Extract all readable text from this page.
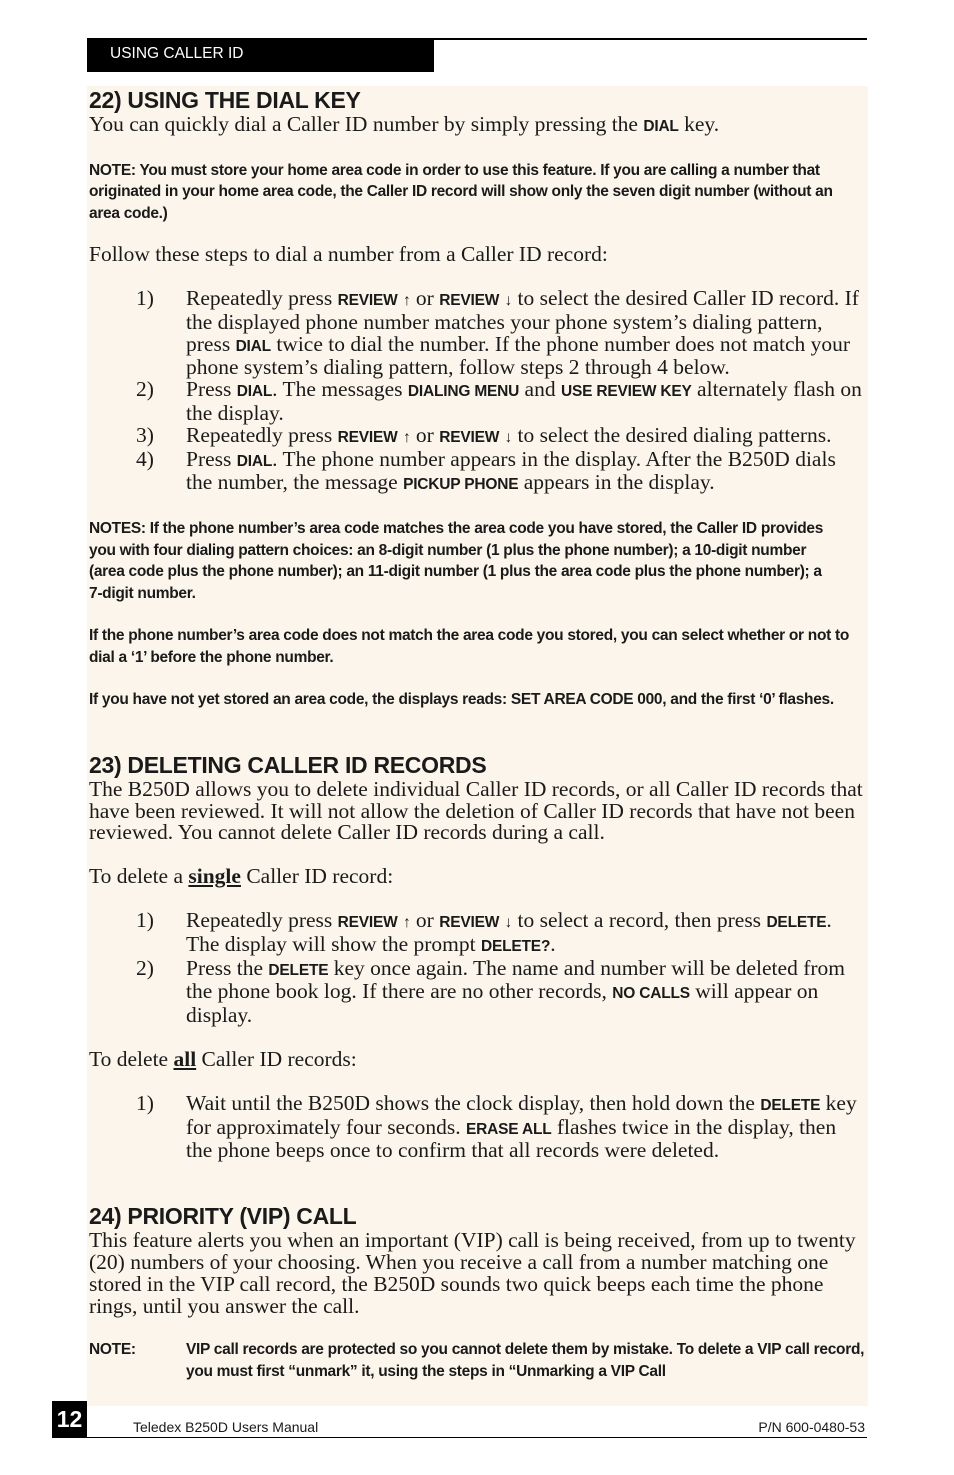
USING CALLER ID
22) USING THE DIAL KEY

You can quickly dial a Caller ID number by simply pressing the DIAL key.

NOTE: You must store your home area code in order to use this feature. If you are calling a number that originated in your home area code, the Caller ID record will show only the seven digit number (without an area code.)

Follow these steps to dial a number from a Caller ID record:

1) Repeatedly press REVIEW ↑ or REVIEW ↓ to select the desired Caller ID record. If the displayed phone number matches your phone system’s dialing pattern, press DIAL twice to dial the number. If the phone number does not match your phone system’s dialing pattern, follow steps 2 through 4 below.
2) Press DIAL. The messages DIALING MENU and USE REVIEW KEY alternately flash on the display.
3) Repeatedly press REVIEW ↑ or REVIEW ↓ to select the desired dialing patterns.
4) Press DIAL. The phone number appears in the display. After the B250D dials the number, the message PICKUP PHONE appears in the display.

NOTES: If the phone number’s area code matches the area code you have stored, the Caller ID provides you with four dialing pattern choices: an 8-digit number (1 plus the phone number); a 10-digit number (area code plus the phone number); an 11-digit number (1 plus the area code plus the phone number); a 7-digit number.

If the phone number’s area code does not match the area code you stored, you can select whether or not to dial a ‘1’ before the phone number.

If you have not yet stored an area code, the displays reads: SET AREA CODE 000, and the first ‘0’ flashes.

23) DELETING CALLER ID RECORDS

The B250D allows you to delete individual Caller ID records, or all Caller ID records that have been reviewed. It will not allow the deletion of Caller ID records that have not been reviewed. You cannot delete Caller ID records during a call.

To delete a single Caller ID record:

1) Repeatedly press REVIEW ↑ or REVIEW ↓ to select a record, then press DELETE. The display will show the prompt DELETE?.
2) Press the DELETE key once again. The name and number will be deleted from the phone book log. If there are no other records, NO CALLS will appear on display.

To delete all Caller ID records:

1) Wait until the B250D shows the clock display, then hold down the DELETE key for approximately four seconds. ERASE ALL flashes twice in the display, then the phone beeps once to confirm that all records were deleted.
24) PRIORITY (VIP) CALL

This feature alerts you when an important (VIP) call is being received, from up to twenty (20) numbers of your choosing. When you receive a call from a number matching one stored in the VIP call record, the B250D sounds two quick beeps each time the phone rings, until you answer the call.

NOTE:	VIP call records are protected so you cannot delete them by mistake. To delete a VIP call record, you must first “unmark” it, using the steps in “Unmarking a VIP Call
12	Teledex B250D Users Manual	P/N 600-0480-53
